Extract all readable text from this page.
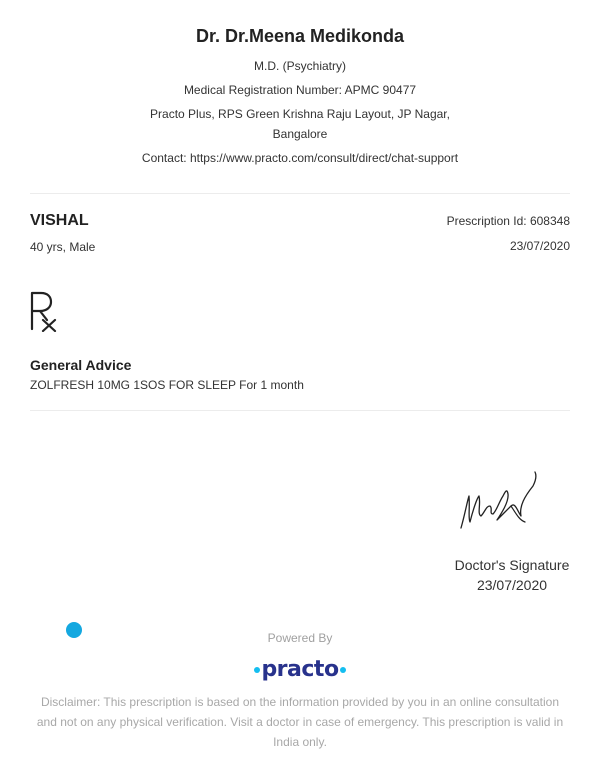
Dr. Dr.Meena Medikonda
M.D. (Psychiatry)
Medical Registration Number: APMC 90477
Practo Plus, RPS Green Krishna Raju Layout, JP Nagar,
Bangalore
Contact: https://www.practo.com/consult/direct/chat-support
VISHAL
40 yrs, Male
Prescription Id: 608348
23/07/2020
General Advice
ZOLFRESH 10MG 1SOS FOR SLEEP For 1 month
Doctor's Signature
23/07/2020
Powered By
practo
Disclaimer: This prescription is based on the information provided by you in an online consultation and not on any physical verification. Visit a doctor in case of emergency. This prescription is valid in India only.
